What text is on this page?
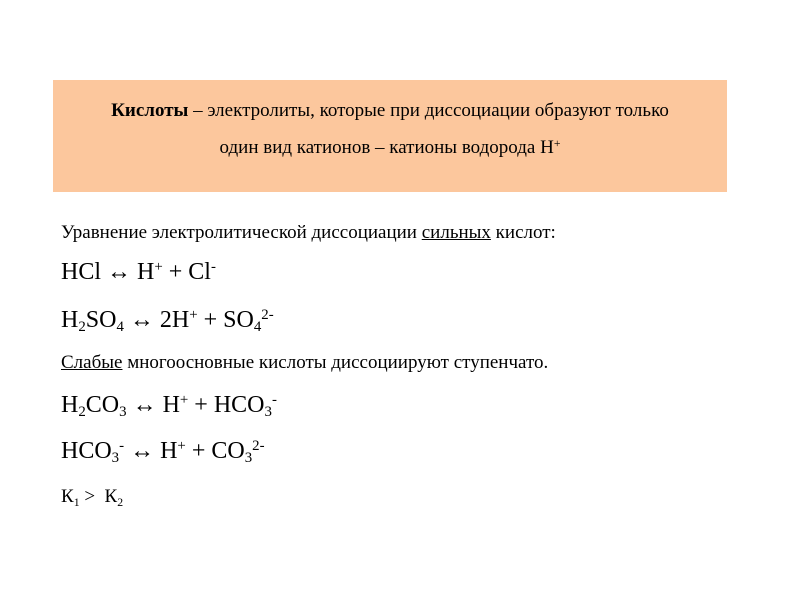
Кислоты – электролиты, которые при диссоциации образуют только
один вид катионов – катионы водорода Н+
Уравнение электролитической диссоциации сильных кислот:
HCl ↔ H+ + Cl-
$H_2SO_4$ ↔ $2H^+ + SO_4^{2-}$
Слабые многоосновные кислоты диссоциируют ступенчато.
$H_2CO_3$ ↔ $H^+ + HCO_3^-$
$HCO_3^-$ ↔ $H^+ + CO_3^{2-}$
$К_1 > К_2$
